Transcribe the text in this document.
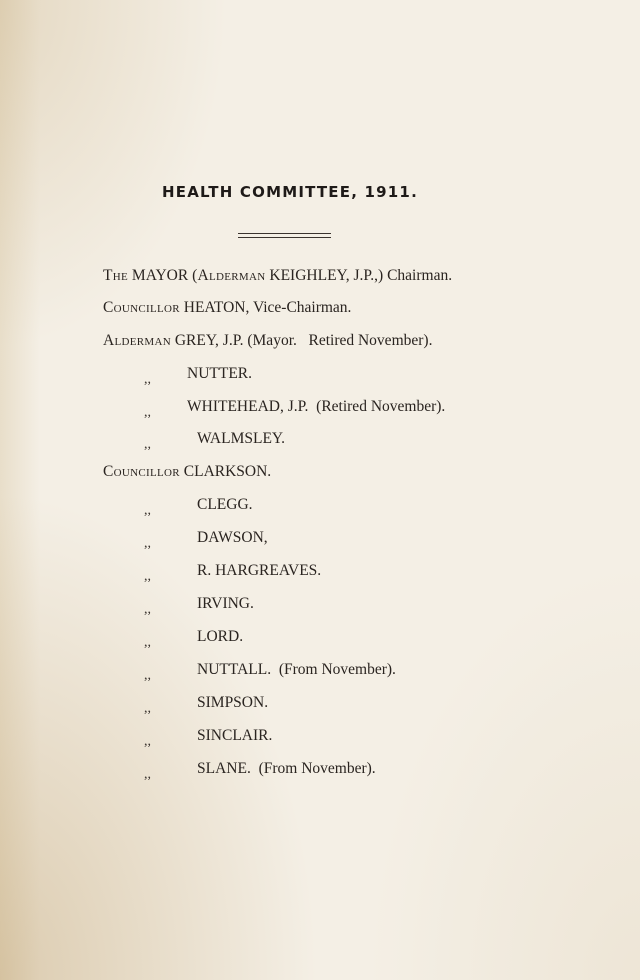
HEALTH COMMITTEE, 1911.
The MAYOR (Alderman KEIGHLEY, J.P.,) Chairman.
Councillor HEATON, Vice-Chairman.
Alderman GREY, J.P. (Mayor.   Retired November).
,, NUTTER.
,, WHITEHEAD, J.P.  (Retired November).
,,	WALMSLEY.
Councillor CLARKSON.
,,	CLEGG.
,,	DAWSON,
,,	R. HARGREAVES.
,,	IRVING.
,,	LORD.
,,	NUTTALL.  (From November).
,,	SIMPSON.
,,	SINCLAIR.
,,	SLANE.  (From November).
